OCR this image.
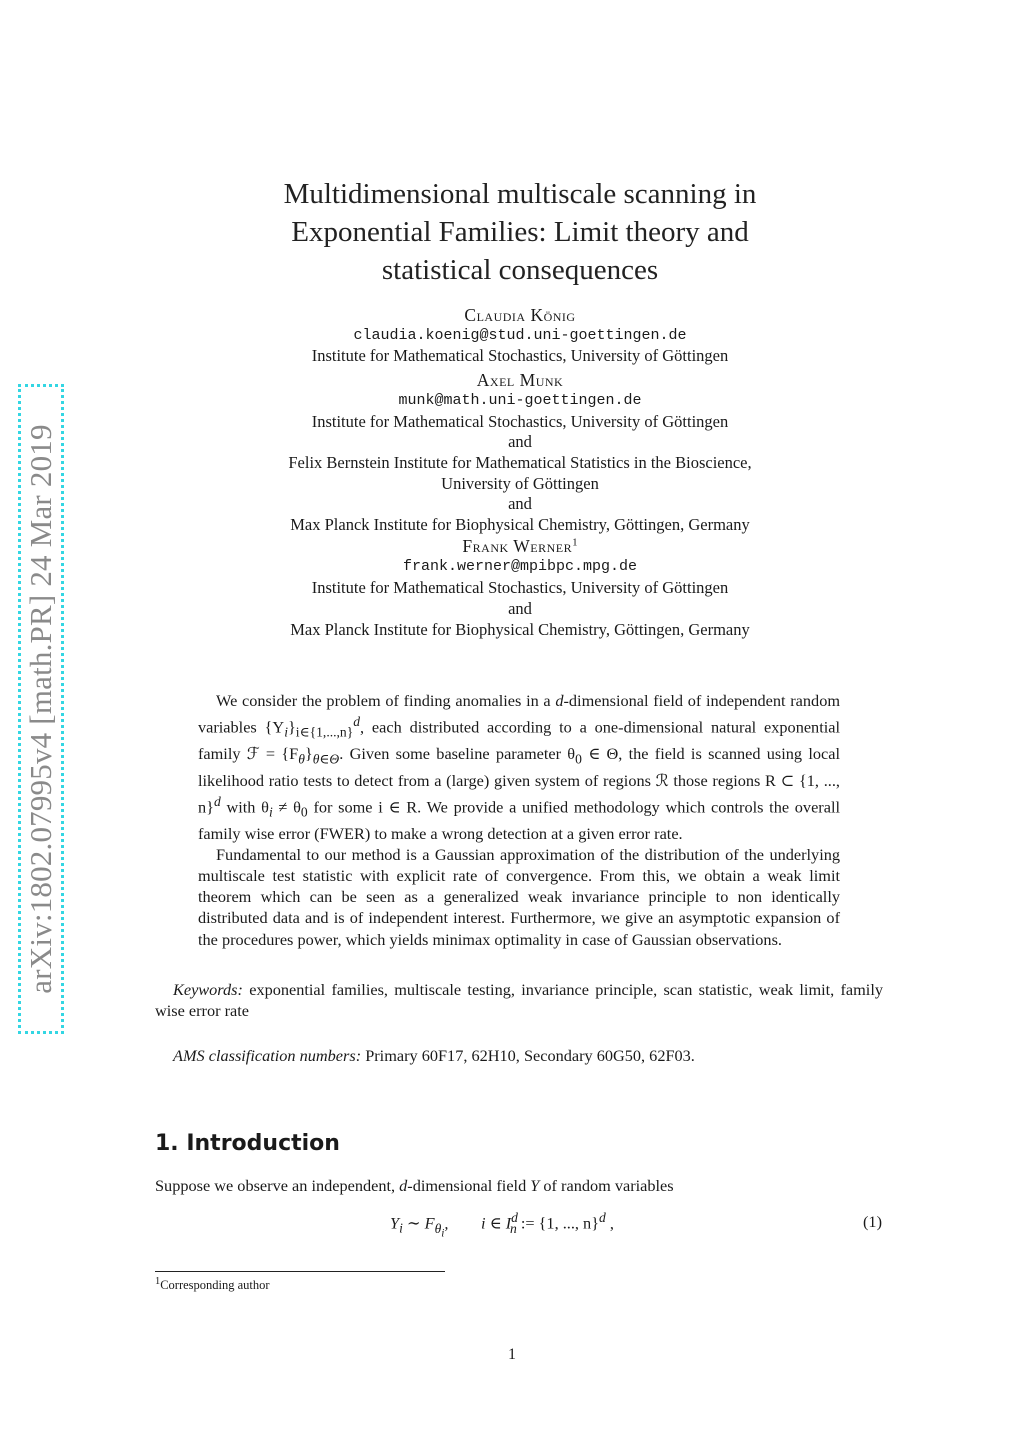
arXiv:1802.07995v4 [math.PR] 24 Mar 2019
Multidimensional multiscale scanning in
Exponential Families: Limit theory and
statistical consequences
Claudia König
claudia.koenig@stud.uni-goettingen.de
Institute for Mathematical Stochastics, University of Göttingen
Axel Munk
munk@math.uni-goettingen.de
Institute for Mathematical Stochastics, University of Göttingen
and
Felix Bernstein Institute for Mathematical Statistics in the Bioscience,
University of Göttingen
and
Max Planck Institute for Biophysical Chemistry, Göttingen, Germany
Frank Werner$^1$
frank.werner@mpibpc.mpg.de
Institute for Mathematical Stochastics, University of Göttingen
and
Max Planck Institute for Biophysical Chemistry, Göttingen, Germany

We consider the problem of finding anomalies in a d-dimensional field of independent random variables $\{Y_i\}_{i\in\{1,...,n\}}^d$, each distributed according to a one-dimensional natural exponential family ℱ = $\{F_\theta\}_{\theta\in\Theta}$. Given some baseline parameter $\theta_0$ ∈ Θ, the field is scanned using local likelihood ratio tests to detect from a (large) given system of regions ℛ those regions R ⊂ {1, ..., n}$^d$ with $\theta_i \ne \theta_0$ for some i ∈ R. We provide a unified methodology which controls the overall family wise error (FWER) to make a wrong detection at a given error rate.

Fundamental to our method is a Gaussian approximation of the distribution of the underlying multiscale test statistic with explicit rate of convergence. From this, we obtain a weak limit theorem which can be seen as a generalized weak invariance principle to non identically distributed data and is of independent interest. Furthermore, we give an asymptotic expansion of the procedures power, which yields minimax optimality in case of Gaussian observations.

Keywords: exponential families, multiscale testing, invariance principle, scan statistic, weak limit, family wise error rate
AMS classification numbers: Primary 60F17, 62H10, Secondary 60G50, 62F03.
1. Introduction
Suppose we observe an independent, d-dimensional field Y of random variables
$Y_i$ ∼ $F_{\theta_i}$,        i ∈ $I^d_n$ := {1, ..., n}$^d$ ,	(1)
$^1$Corresponding author
1
